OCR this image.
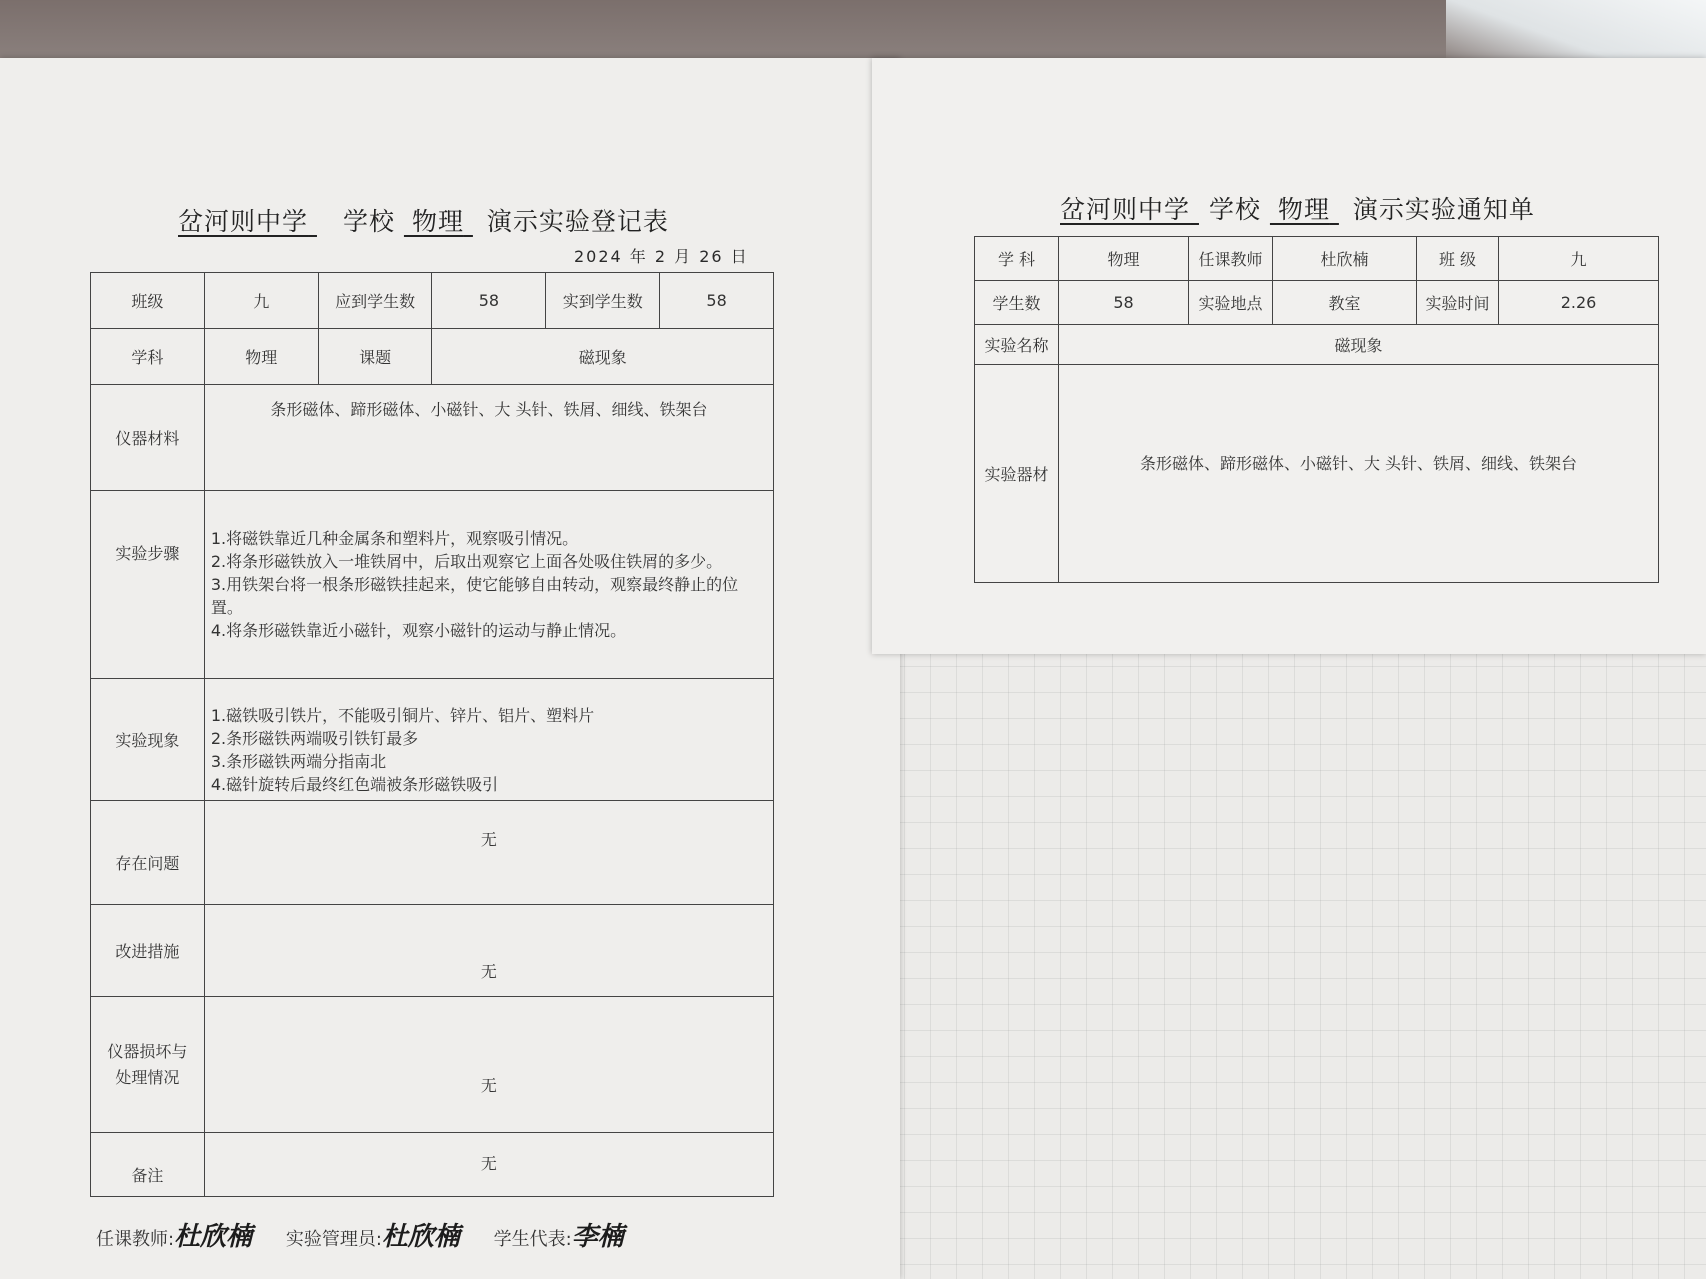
岔河则中学 学校 物理 演示实验登记表
2024 年 2 月 26 日
班级	九	应到学生数	58	实到学生数	58
学科	物理	课题	磁现象		
仪器材料	条形磁体、蹄形磁体、小磁针、大 头针、铁屑、细线、铁架台				
实验步骤	1.将磁铁靠近几种金属条和塑料片，观察吸引情况。
2.将条形磁铁放入一堆铁屑中，后取出观察它上面各处吸住铁屑的多少。
3.用铁架台将一根条形磁铁挂起来，使它能够自由转动，观察最终静止的位置。
4.将条形磁铁靠近小磁针，观察小磁针的运动与静止情况。				

实验现象	1.磁铁吸引铁片，不能吸引铜片、锌片、铝片、塑料片
2.条形磁铁两端吸引铁钉最多
3.条形磁铁两端分指南北
4.磁针旋转后最终红色端被条形磁铁吸引				

存在问题	无				
改进措施	无				

仪器损坏与
处理情况	无				
备注	无				
任课教师:杜欣楠 实验管理员:杜欣楠 学生代表:李楠
岔河则中学 学校 物理 演示实验通知单
学 科	物理	任课教师	杜欣楠	班 级	九
学生数	58	实验地点	教室	实验时间	2.26
实验名称	磁现象				
实验器材	条形磁体、蹄形磁体、小磁针、大 头针、铁屑、细线、铁架台				
